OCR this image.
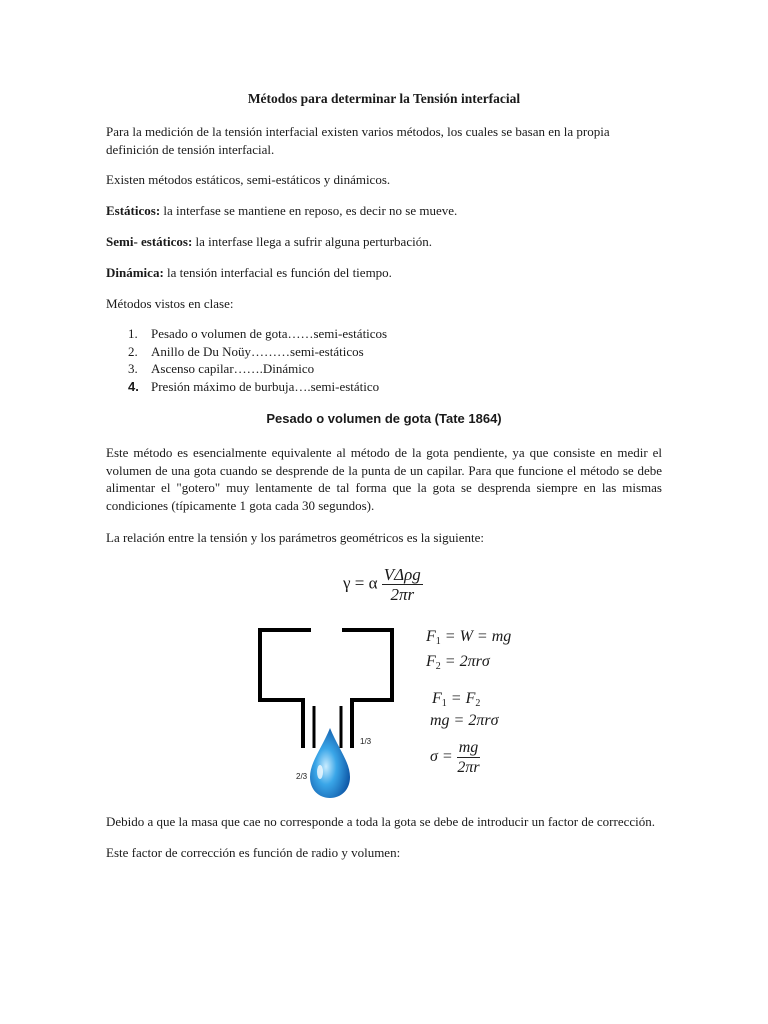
Métodos para determinar la Tensión interfacial
Para la medición de la tensión interfacial existen varios métodos, los cuales se basan en la propia definición de tensión interfacial.
Existen métodos estáticos, semi-estáticos y dinámicos.
Estáticos: la interfase se mantiene en reposo, es decir no se mueve.
Semi- estáticos: la interfase llega a sufrir alguna perturbación.
Dinámica: la tensión interfacial es función del tiempo.
Métodos vistos en clase:
1.	Pesado o volumen de gota……semi-estáticos
2.	Anillo de Du Noüy………semi-estáticos
3.	Ascenso capilar…….Dinámico
4. Presión máximo de burbuja….semi-estático
Pesado o volumen de gota (Tate 1864)
Este método es esencialmente equivalente al método de la gota pendiente, ya que consiste en medir el volumen de una gota cuando se desprende de la punta de un capilar. Para que funcione el método se debe alimentar el "gotero" muy lentamente de tal forma que la gota se desprenda siempre en las mismas condiciones (típicamente 1 gota cada 30 segundos).
La relación entre la tensión y los parámetros geométricos es la siguiente:
γ = α $\frac{\text{VΔρg}}{2\pi r}$
1/3
2/3
$F_1 = W$ = mg
$F_2 = 2\pi r\sigma$
$F_1 = F_2$
mg = 2πrσ
$\sigma = \frac{mg}{2\pi r}$
Debido a que la masa que cae no corresponde a toda la gota se debe de introducir un factor de corrección.
Este factor de corrección es función de radio y volumen:
